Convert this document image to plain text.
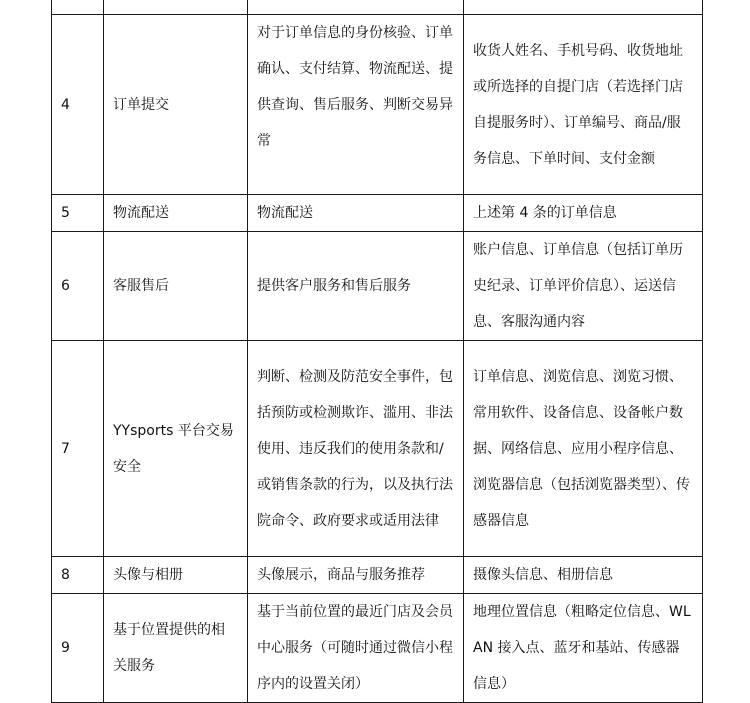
4	订单提交	对于订单信息的身份核验、订单确认、支付结算、物流配送、提供查询、售后服务、判断交易异常	收货人姓名、手机号码、收货地址或所选择的自提门店（若选择门店自提服务时）、订单编号、商品/服务信息、下单时间、支付金额

5	物流配送	物流配送	上述第 4 条的订单信息

6	客服售后	提供客户服务和售后服务	账户信息、订单信息（包括订单历史纪录、订单评价信息）、运送信息、客服沟通内容

7	YYsports 平台交易安全	判断、检测及防范安全事件，包括预防或检测欺诈、滥用、非法使用、违反我们的使用条款和/或销售条款的行为，以及执行法院命令、政府要求或适用法律	订单信息、浏览信息、浏览习惯、常用软件、设备信息、设备帐户数据、网络信息、应用小程序信息、浏览器信息（包括浏览器类型）、传感器信息

8	头像与相册	头像展示，商品与服务推荐	摄像头信息、相册信息

9	基于位置提供的相关服务	基于当前位置的最近门店及会员中心服务（可随时通过微信小程序内的设置关闭）	地理位置信息（粗略定位信息、WLAN 接入点、蓝牙和基站、传感器信息）
